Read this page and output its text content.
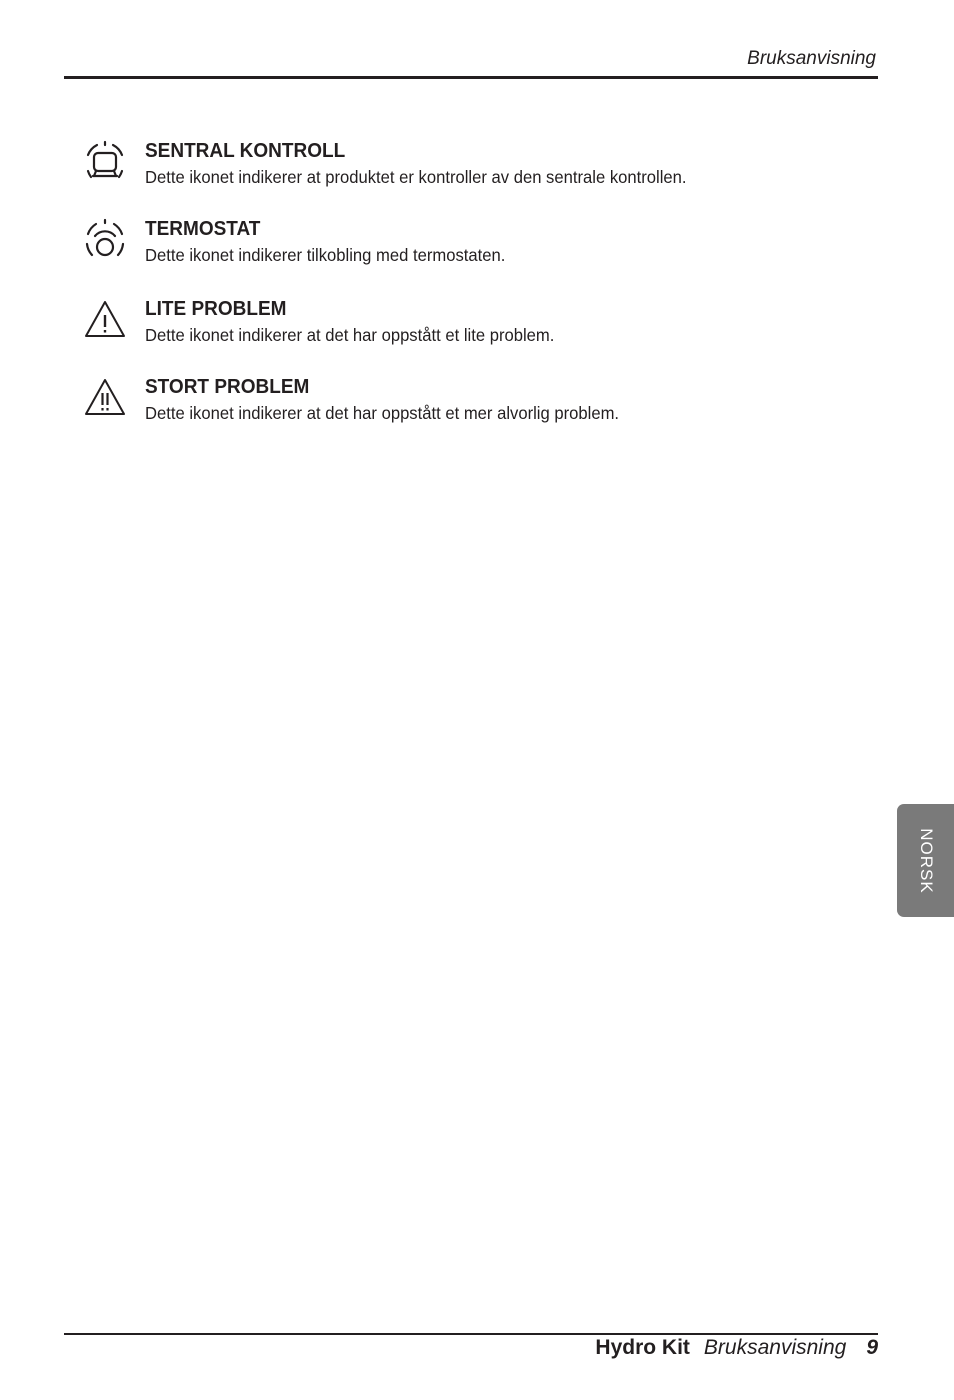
Bruksanvisning
SENTRAL KONTROLL
Dette ikonet indikerer at produktet er kontroller av den sentrale kontrollen.
TERMOSTAT
Dette ikonet indikerer tilkobling med termostaten.
LITE PROBLEM
Dette ikonet indikerer at det har oppstått et lite problem.
STORT PROBLEM
Dette ikonet indikerer at det har oppstått et mer alvorlig problem.
NORSK
Hydro Kit Bruksanvisning 9
